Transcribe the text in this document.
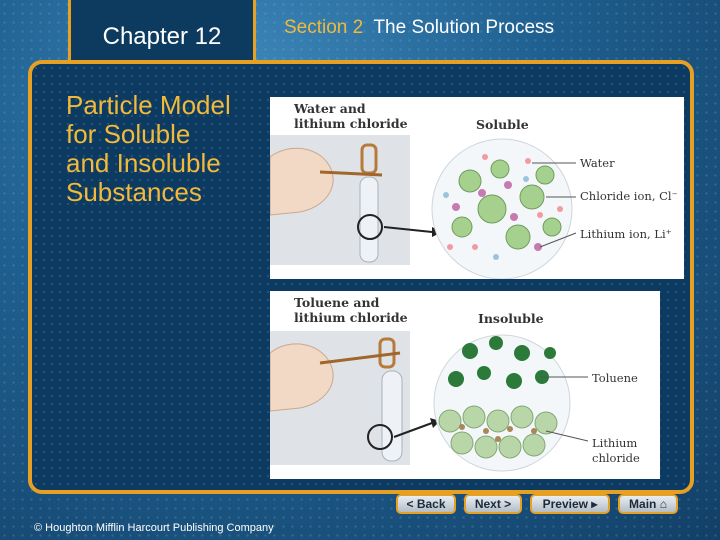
Chapter 12	Section 2 The Solution Process
Particle Model
for Soluble
and Insoluble
Substances
Water and
lithium chloride	Soluble
Water
Chloride ion, Cl⁻
Lithium ion, Li⁺
Toluene and
lithium chloride	Insoluble
Toluene
Lithium
chloride
© Houghton Mifflin Harcourt Publishing Company
< Back	Next >	Preview ▸	Main ⌂
